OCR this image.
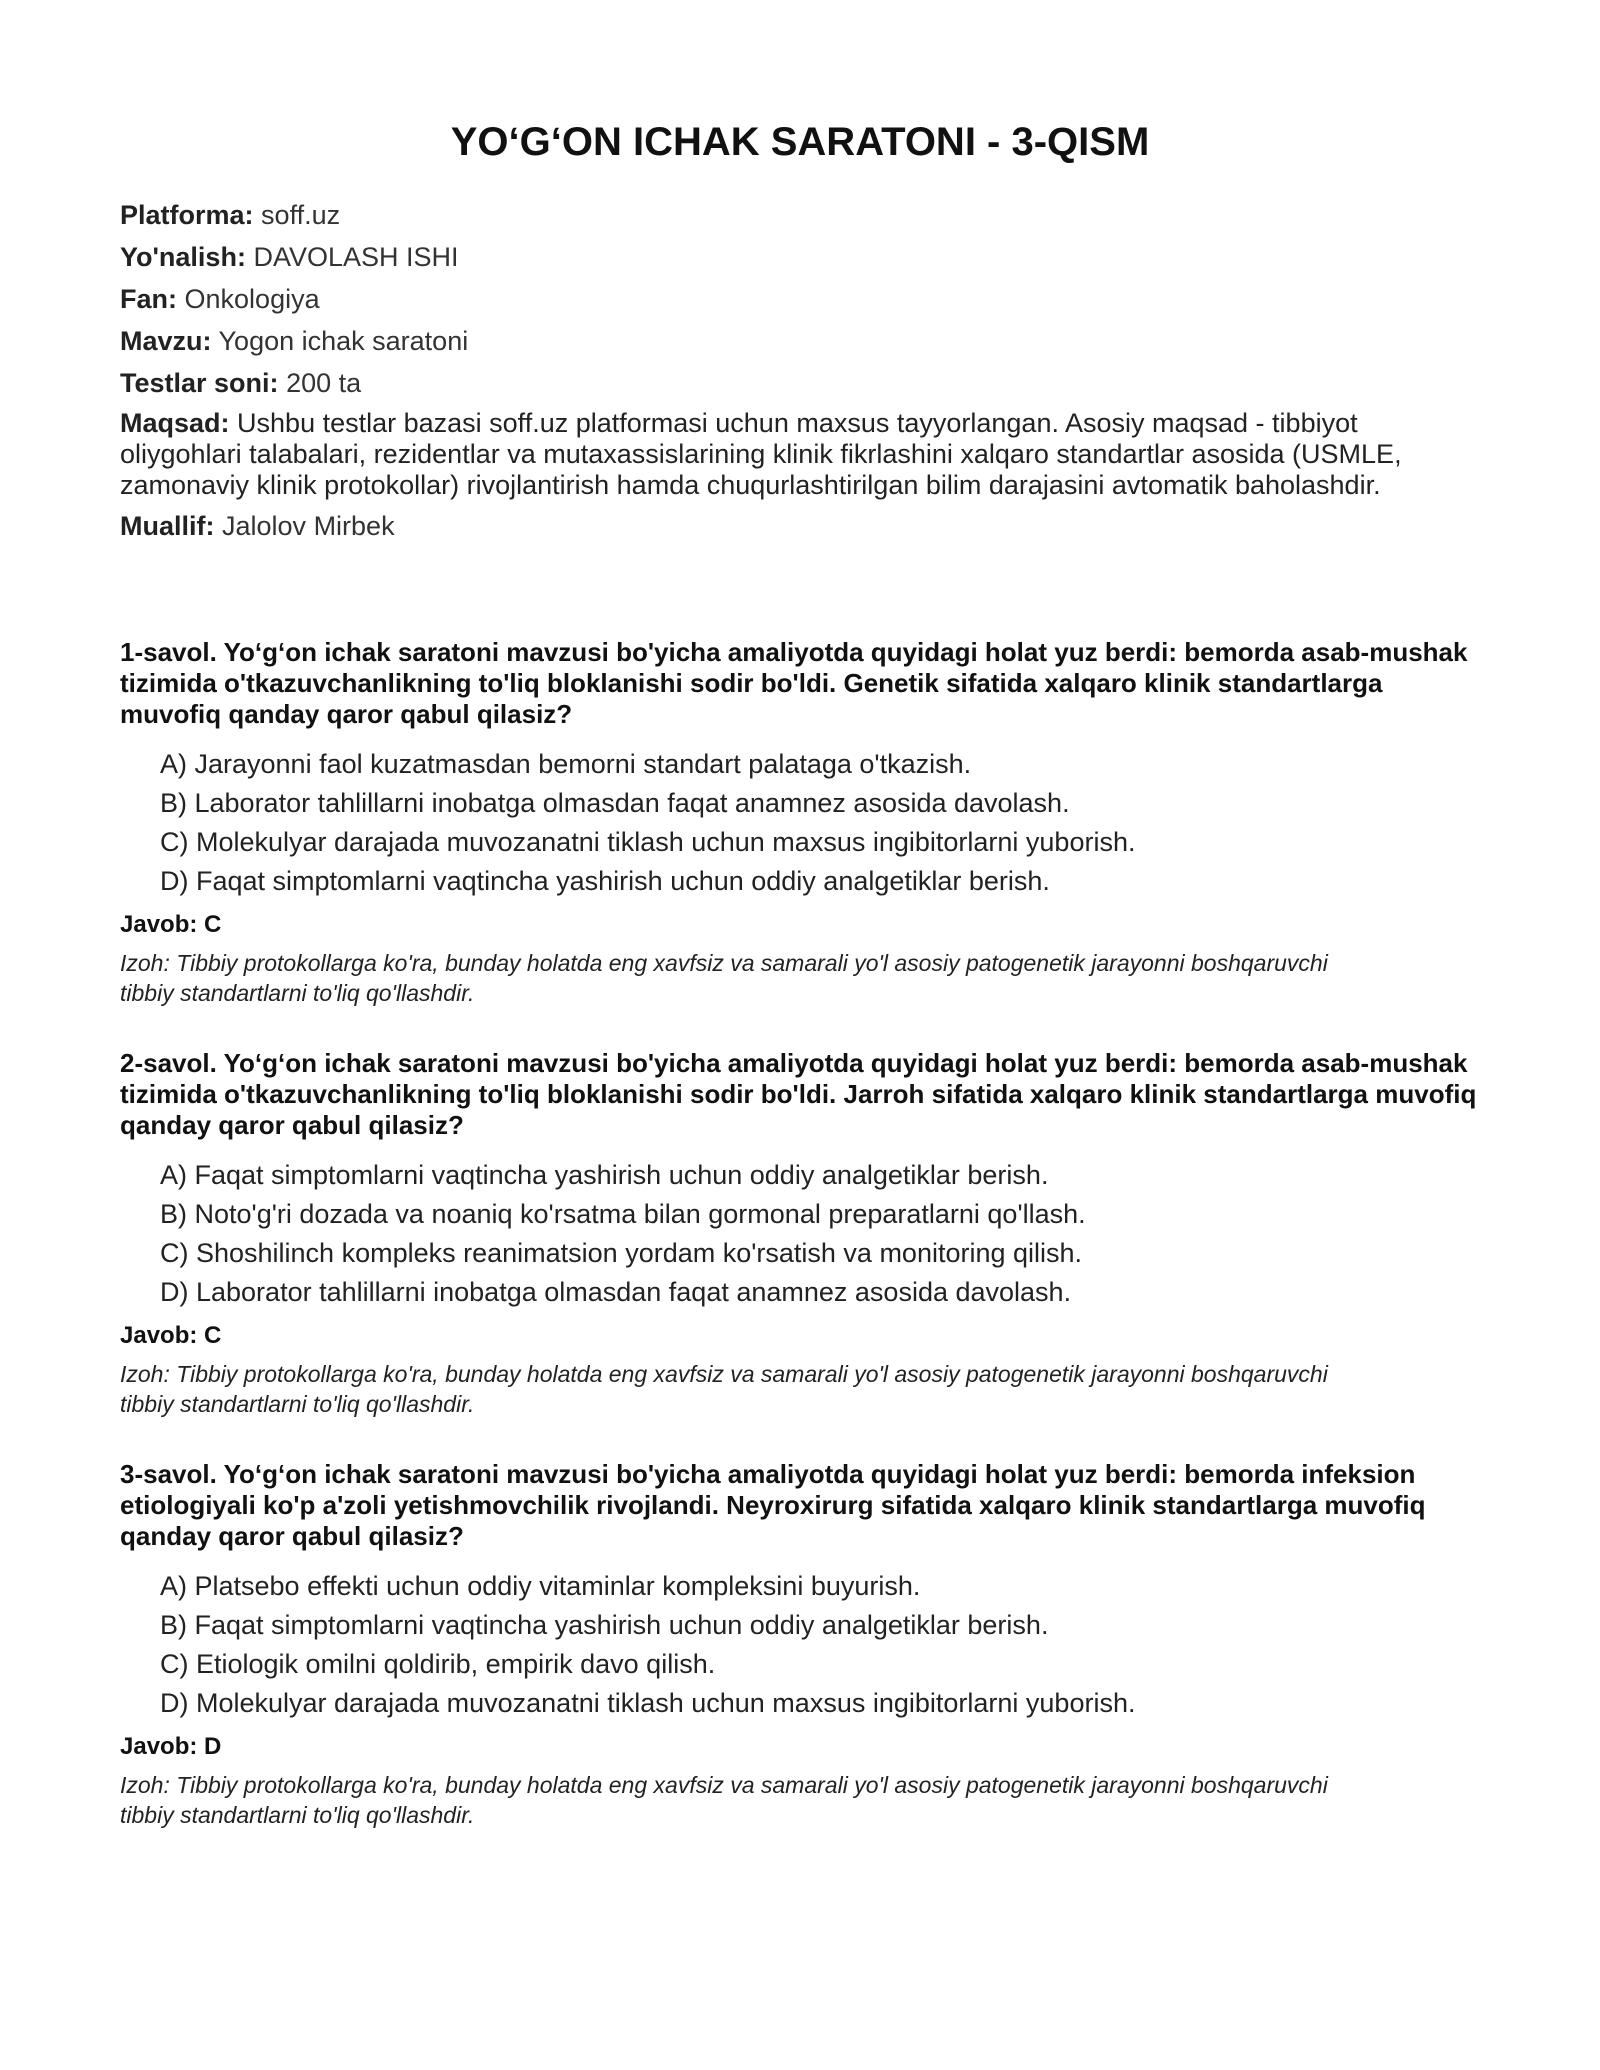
YO‘G‘ON ICHAK SARATONI - 3-QISM

Platforma: soff.uz

Yo'nalish: DAVOLASH ISHI

Fan: Onkologiya

Mavzu: Yogon ichak saratoni

Testlar soni: 200 ta

Maqsad: Ushbu testlar bazasi soff.uz platformasi uchun maxsus tayyorlangan. Asosiy maqsad - tibbiyot oliygohlari talabalari, rezidentlar va mutaxassislarining klinik fikrlashini xalqaro standartlar asosida (USMLE, zamonaviy klinik protokollar) rivojlantirish hamda chuqurlashtirilgan bilim darajasini avtomatik baholashdir.

Muallif: Jalolov Mirbek

1-savol. Yo‘g‘on ichak saratoni mavzusi bo'yicha amaliyotda quyidagi holat yuz berdi: bemorda asab-mushak tizimida o'tkazuvchanlikning to'liq bloklanishi sodir bo'ldi. Genetik sifatida xalqaro klinik standartlarga muvofiq qanday qaror qabul qilasiz?

A) Jarayonni faol kuzatmasdan bemorni standart palataga o'tkazish.
B) Laborator tahlillarni inobatga olmasdan faqat anamnez asosida davolash.
C) Molekulyar darajada muvozanatni tiklash uchun maxsus ingibitorlarni yuborish.
D) Faqat simptomlarni vaqtincha yashirish uchun oddiy analgetiklar berish.

Javob: C

Izoh: Tibbiy protokollarga ko'ra, bunday holatda eng xavfsiz va samarali yo'l asosiy patogenetik jarayonni boshqaruvchi tibbiy standartlarni to'liq qo'llashdir.

2-savol. Yo‘g‘on ichak saratoni mavzusi bo'yicha amaliyotda quyidagi holat yuz berdi: bemorda asab-mushak tizimida o'tkazuvchanlikning to'liq bloklanishi sodir bo'ldi. Jarroh sifatida xalqaro klinik standartlarga muvofiq qanday qaror qabul qilasiz?

A) Faqat simptomlarni vaqtincha yashirish uchun oddiy analgetiklar berish.
B) Noto'g'ri dozada va noaniq ko'rsatma bilan gormonal preparatlarni qo'llash.
C) Shoshilinch kompleks reanimatsion yordam ko'rsatish va monitoring qilish.
D) Laborator tahlillarni inobatga olmasdan faqat anamnez asosida davolash.

Javob: C

Izoh: Tibbiy protokollarga ko'ra, bunday holatda eng xavfsiz va samarali yo'l asosiy patogenetik jarayonni boshqaruvchi tibbiy standartlarni to'liq qo'llashdir.

3-savol. Yo‘g‘on ichak saratoni mavzusi bo'yicha amaliyotda quyidagi holat yuz berdi: bemorda infeksion etiologiyali ko'p a'zoli yetishmovchilik rivojlandi. Neyroxirurg sifatida xalqaro klinik standartlarga muvofiq qanday qaror qabul qilasiz?

A) Platsebo effekti uchun oddiy vitaminlar kompleksini buyurish.
B) Faqat simptomlarni vaqtincha yashirish uchun oddiy analgetiklar berish.
C) Etiologik omilni qoldirib, empirik davo qilish.
D) Molekulyar darajada muvozanatni tiklash uchun maxsus ingibitorlarni yuborish.

Javob: D

Izoh: Tibbiy protokollarga ko'ra, bunday holatda eng xavfsiz va samarali yo'l asosiy patogenetik jarayonni boshqaruvchi tibbiy standartlarni to'liq qo'llashdir.
